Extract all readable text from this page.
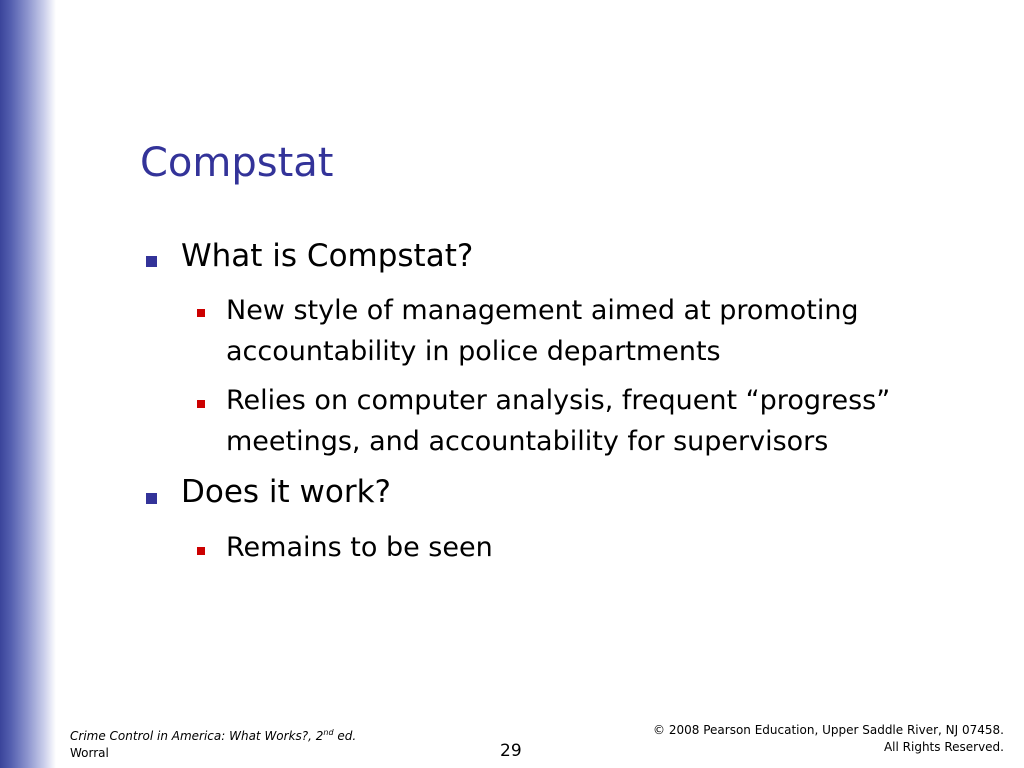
Compstat
What is Compstat?
New style of management aimed at promoting
accountability in police departments
Relies on computer analysis, frequent “progress”
meetings, and accountability for supervisors
Does it work?
Remains to be seen
Crime Control in America: What Works?, 2nd ed.
Worral	29
© 2008 Pearson Education, Upper Saddle River, NJ 07458.
All Rights Reserved.
